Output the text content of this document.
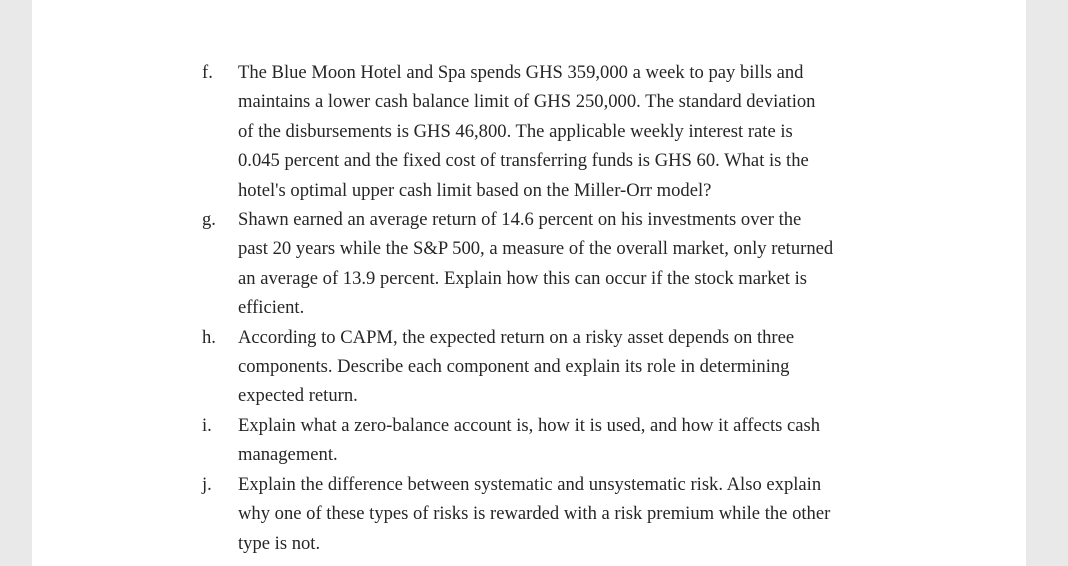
f.	The Blue Moon Hotel and Spa spends GHS 359,000 a week to pay bills and
maintains a lower cash balance limit of GHS 250,000. The standard deviation
of the disbursements is GHS 46,800. The applicable weekly interest rate is
0.045 percent and the fixed cost of transferring funds is GHS 60. What is the
hotel's optimal upper cash limit based on the Miller-Orr model?
g.	Shawn earned an average return of 14.6 percent on his investments over the
past 20 years while the S&P 500, a measure of the overall market, only returned
an average of 13.9 percent. Explain how this can occur if the stock market is
efficient.
h.	According to CAPM, the expected return on a risky asset depends on three
components. Describe each component and explain its role in determining
expected return.
i.	Explain what a zero-balance account is, how it is used, and how it affects cash
management.
j.	Explain the difference between systematic and unsystematic risk. Also explain
why one of these types of risks is rewarded with a risk premium while the other
type is not.
